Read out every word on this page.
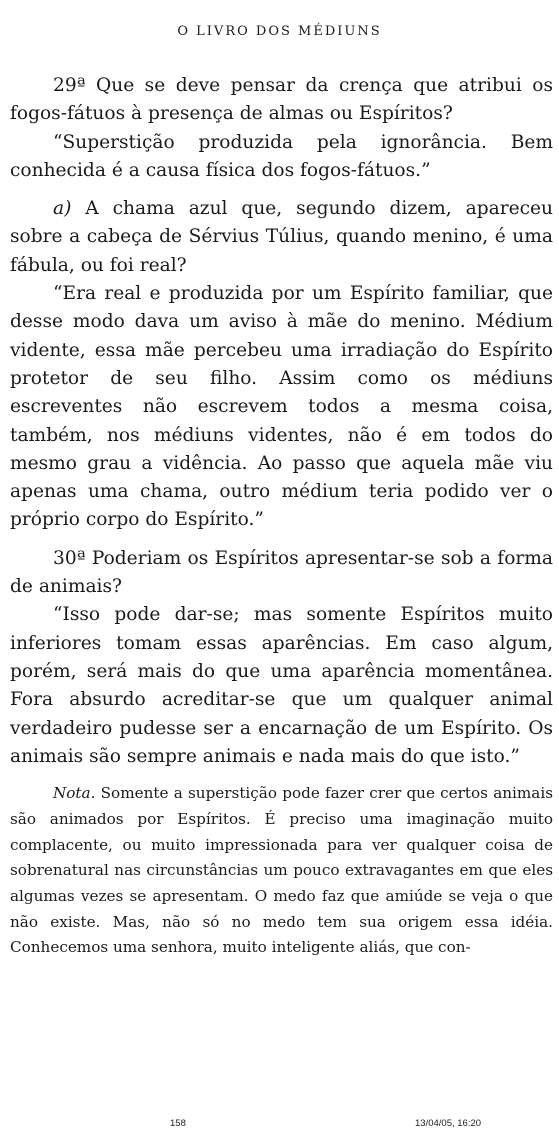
O LIVRO DOS MÉDIUNS

29ª Que se deve pensar da crença que atribui os fogos-fátuos à presença de almas ou Espíritos?

“Superstição produzida pela ignorância. Bem conhecida é a causa física dos fogos-fátuos.”

a) A chama azul que, segundo dizem, apareceu sobre a cabeça de Sérvius Túlius, quando menino, é uma fábula, ou foi real?

“Era real e produzida por um Espírito familiar, que desse modo dava um aviso à mãe do menino. Médium vidente, essa mãe percebeu uma irradiação do Espírito protetor de seu filho. Assim como os médiuns escreventes não escrevem todos a mesma coisa, também, nos médiuns videntes, não é em todos do mesmo grau a vidência. Ao passo que aquela mãe viu apenas uma chama, outro médium teria podido ver o próprio corpo do Espírito.”

30ª Poderiam os Espíritos apresentar-se sob a forma de animais?

“Isso pode dar-se; mas somente Espíritos muito inferiores tomam essas aparências. Em caso algum, porém, será mais do que uma aparência momentânea. Fora absurdo acreditar-se que um qualquer animal verdadeiro pudesse ser a encarnação de um Espírito. Os animais são sempre animais e nada mais do que isto.”

Nota. Somente a superstição pode fazer crer que certos animais são animados por Espíritos. É preciso uma imaginação muito complacente, ou muito impressionada para ver qualquer coisa de sobrenatural nas circunstâncias um pouco extravagantes em que eles algumas vezes se apresentam. O medo faz que amiúde se veja o que não existe. Mas, não só no medo tem sua origem essa idéia. Conhecemos uma senhora, muito inteligente aliás, que con-

158	13/04/05, 16:20
